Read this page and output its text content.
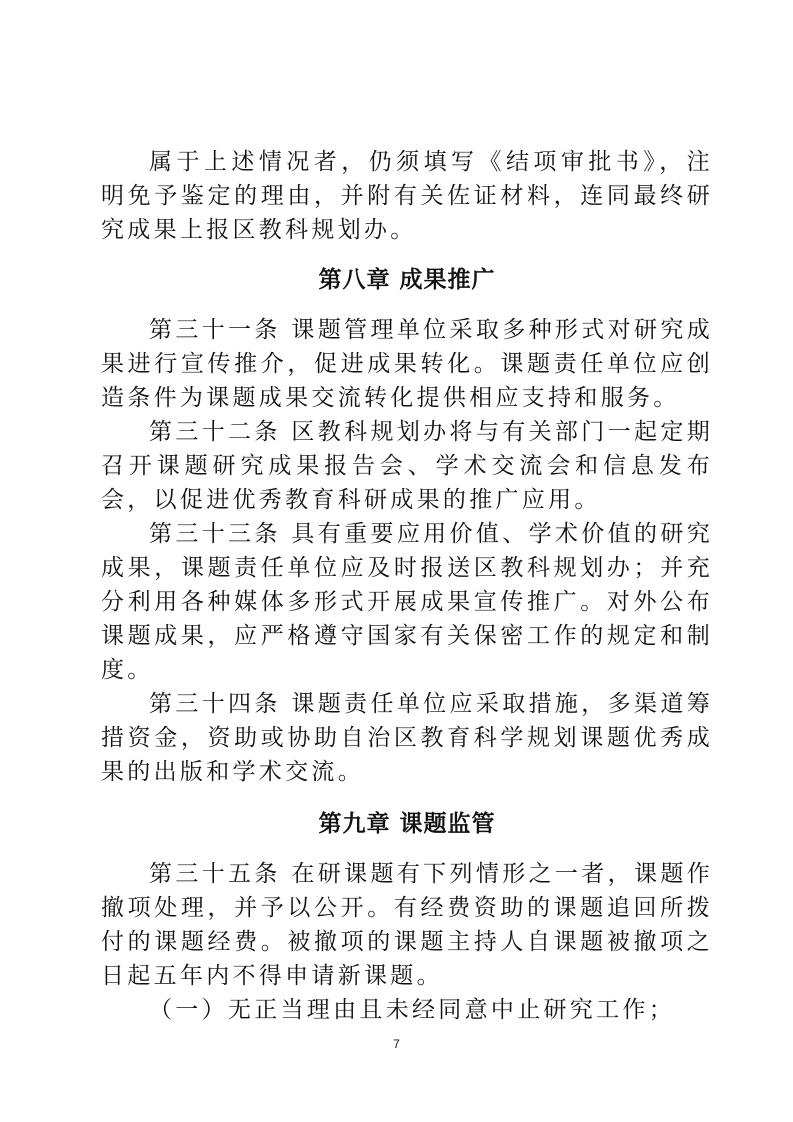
属于上述情况者，仍须填写《结项审批书》，注明免予鉴定的理由，并附有关佐证材料，连同最终研究成果上报区教科规划办。

第八章 成果推广

第三十一条 课题管理单位采取多种形式对研究成果进行宣传推介，促进成果转化。课题责任单位应创造条件为课题成果交流转化提供相应支持和服务。

第三十二条 区教科规划办将与有关部门一起定期召开课题研究成果报告会、学术交流会和信息发布会，以促进优秀教育科研成果的推广应用。

第三十三条 具有重要应用价值、学术价值的研究成果，课题责任单位应及时报送区教科规划办；并充分利用各种媒体多形式开展成果宣传推广。对外公布课题成果，应严格遵守国家有关保密工作的规定和制度。

第三十四条 课题责任单位应采取措施，多渠道筹措资金，资助或协助自治区教育科学规划课题优秀成果的出版和学术交流。

第九章 课题监管

第三十五条 在研课题有下列情形之一者，课题作撤项处理，并予以公开。有经费资助的课题追回所拨付的课题经费。被撤项的课题主持人自课题被撤项之日起五年内不得申请新课题。

（一）无正当理由且未经同意中止研究工作；

7
